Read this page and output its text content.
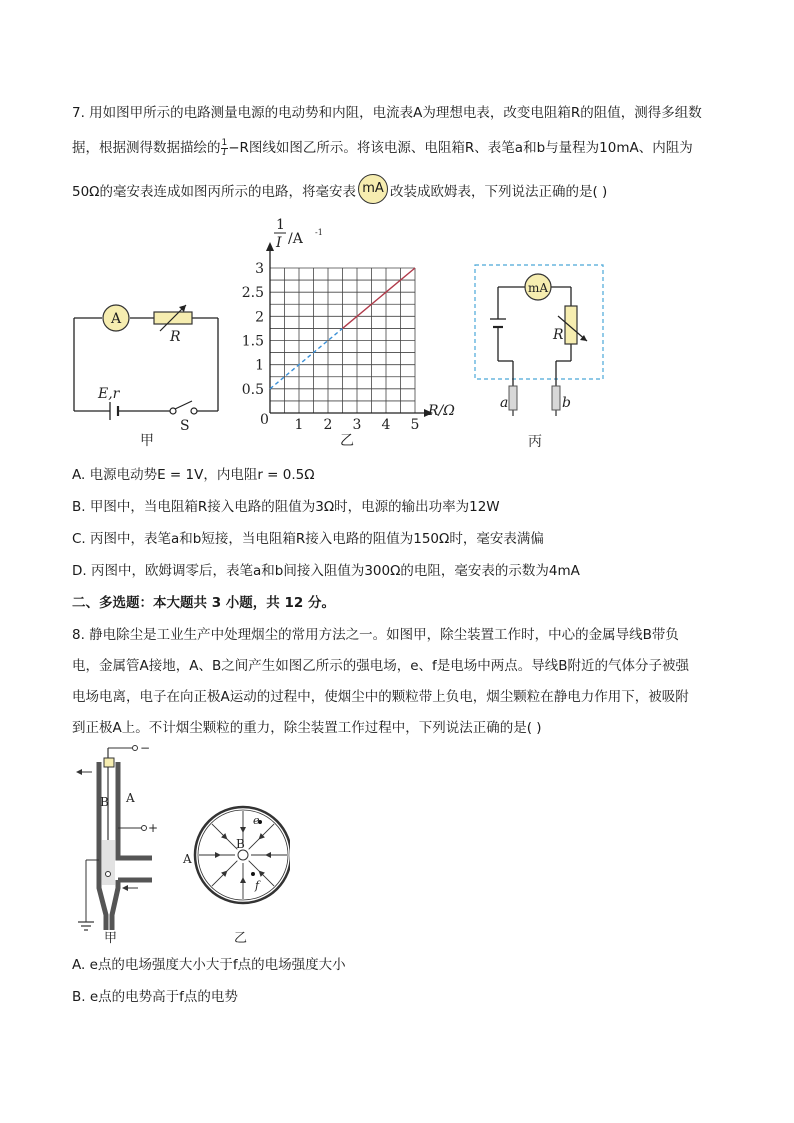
7. 用如图甲所示的电路测量电源的电动势和内阻，电流表A为理想电表，改变电阻箱R的阻值，测得多组数
据，根据测得数据描绘的 $\frac{1}{I} -R$图线如图乙所示。将该电源、电阻箱R、表笔a和b与量程为10mA、内阻为
50Ω的毫安表连成如图丙所示的电路，将毫安表 mA 改装成欧姆表，下列说法正确的是( )
A
R
E,r
S
甲
1 2 3 4 5
0.5
1
1.5
2
2.5
3
1
I /A -1
R/Ω
0
乙
mA
R
a	b
丙
A. 电源电动势E = 1V，内电阻r = 0.5Ω
B. 甲图中，当电阻箱R接入电路的阻值为3Ω时，电源的输出功率为12W
C. 丙图中，表笔a和b短接，当电阻箱R接入电路的阻值为150Ω时，毫安表满偏
D. 丙图中，欧姆调零后，表笔a和b间接入阻值为300Ω的电阻，毫安表的示数为4mA
二、多选题：本大题共 3 小题，共 12 分。
8. 静电除尘是工业生产中处理烟尘的常用方法之一。如图甲，除尘装置工作时，中心的金属导线B带负
电，金属管A接地，A、B之间产生如图乙所示的强电场，e、f是电场中两点。导线B附近的气体分子被强
电场电离，电子在向正极A运动的过程中，使烟尘中的颗粒带上负电，烟尘颗粒在静电力作用下，被吸附
到正极A上。不计烟尘颗粒的重力，除尘装置工作过程中，下列说法正确的是( )
−
+
B A
甲
B
A
e
f
乙
A. e点的电场强度大小大于f点的电场强度大小
B. e点的电势高于f点的电势
